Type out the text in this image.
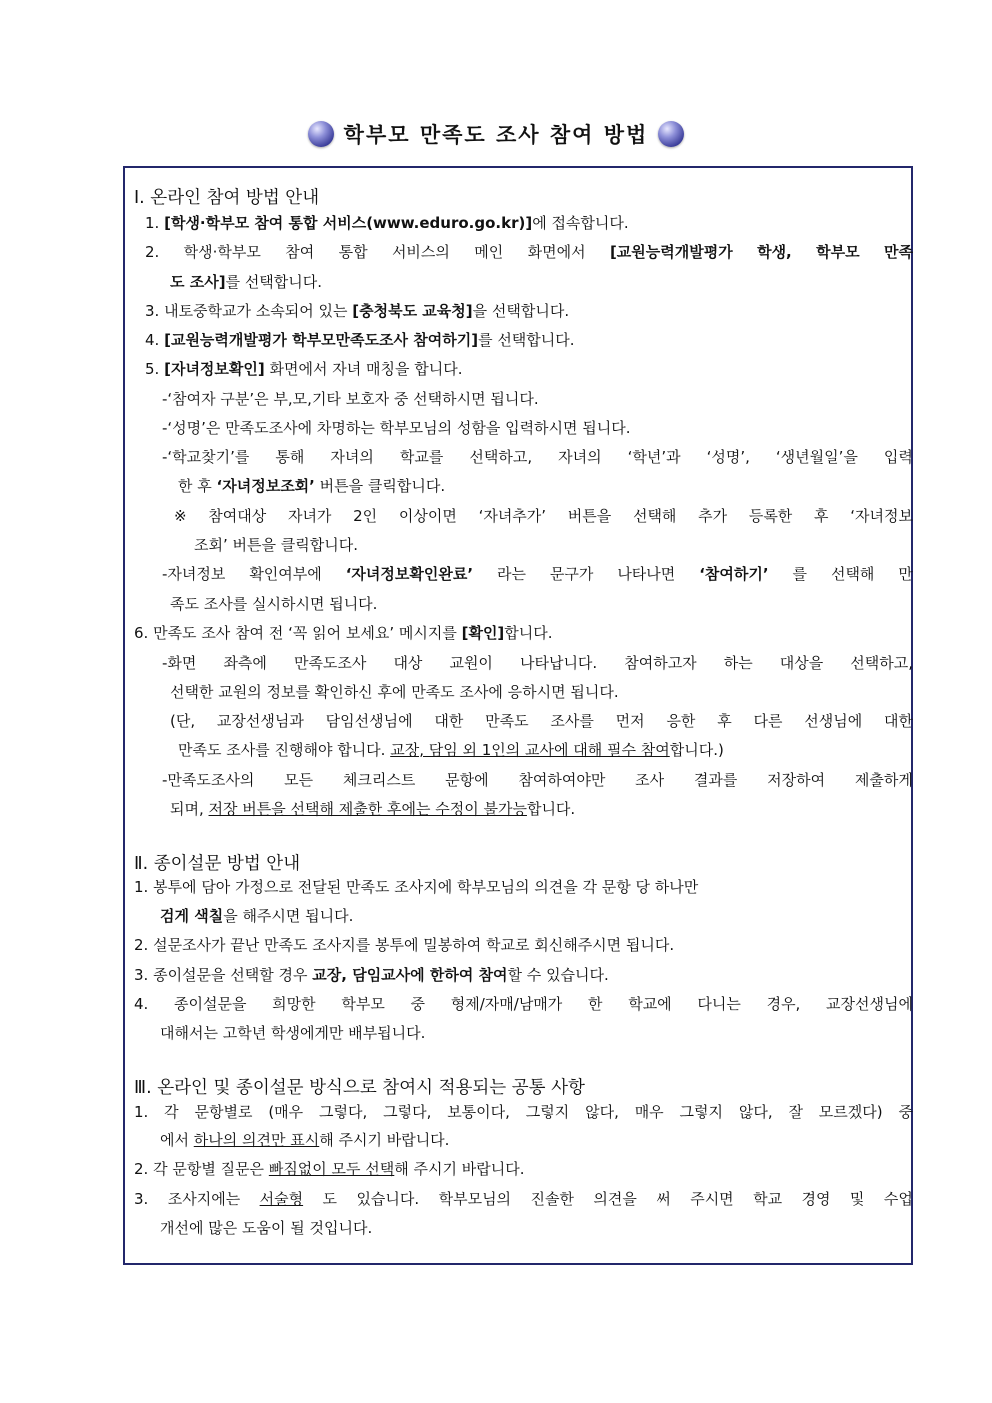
학부모 만족도 조사 참여 방법
Ⅰ. 온라인 참여 방법 안내
1. [학생·학부모 참여 통합 서비스(www.eduro.go.kr)]에 접속합니다.
2. 학생·학부모 참여 통합 서비스의 메인 화면에서 [교원능력개발평가 학생, 학부모 만족
도 조사]를 선택합니다.
3. 내토중학교가 소속되어 있는 [충청북도 교육청]을 선택합니다.
4. [교원능력개발평가 학부모만족도조사 참여하기]를 선택합니다.
5. [자녀정보확인] 화면에서 자녀 매칭을 합니다.
-‘참여자 구분’은 부,모,기타 보호자 중 선택하시면 됩니다.
-‘성명’은 만족도조사에 차명하는 학부모님의 성함을 입력하시면 됩니다.
-‘학교찾기’를 통해 자녀의 학교를 선택하고, 자녀의 ‘학년’과 ‘성명’, ‘생년월일’을 입력
한 후 ‘자녀정보조회’ 버튼을 클릭합니다.
※ 참여대상 자녀가 2인 이상이면 ‘자녀추가’ 버튼을 선택해 추가 등록한 후 ‘자녀정보
조회’ 버튼을 클릭합니다.
-자녀정보 확인여부에 ‘자녀정보확인완료’ 라는 문구가 나타나면 ‘참여하기’ 를 선택해 만
족도 조사를 실시하시면 됩니다.
6. 만족도 조사 참여 전 ‘꼭 읽어 보세요’ 메시지를 [확인]합니다.
-화면 좌측에 만족도조사 대상 교원이 나타납니다. 참여하고자 하는 대상을 선택하고,
선택한 교원의 정보를 확인하신 후에 만족도 조사에 응하시면 됩니다.
(단, 교장선생님과 담임선생님에 대한 만족도 조사를 먼저 응한 후 다른 선생님에 대한
만족도 조사를 진행해야 합니다. 교장, 담임 외 1인의 교사에 대해 필수 참여합니다.)
-만족도조사의 모든 체크리스트 문항에 참여하여야만 조사 결과를 저장하여 제출하게
되며, 저장 버튼을 선택해 제출한 후에는 수정이 불가능합니다.
Ⅱ. 종이설문 방법 안내
1. 봉투에 담아 가정으로 전달된 만족도 조사지에 학부모님의 의견을 각 문항 당 하나만
검게 색칠을 해주시면 됩니다.
2. 설문조사가 끝난 만족도 조사지를 봉투에 밀봉하여 학교로 회신해주시면 됩니다.
3. 종이설문을 선택할 경우 교장, 담임교사에 한하여 참여할 수 있습니다.
4. 종이설문을 희망한 학부모 중 형제/자매/남매가 한 학교에 다니는 경우, 교장선생님에
대해서는 고학년 학생에게만 배부됩니다.
Ⅲ. 온라인 및 종이설문 방식으로 참여시 적용되는 공통 사항
1. 각 문항별로 (매우 그렇다, 그렇다, 보통이다, 그렇지 않다, 매우 그렇지 않다, 잘 모르겠다) 중
에서 하나의 의견만 표시해 주시기 바랍니다.
2. 각 문항별 질문은 빠짐없이 모두 선택해 주시기 바랍니다.
3. 조사지에는 서술형 도 있습니다. 학부모님의 진솔한 의견을 써 주시면 학교 경영 및 수업
개선에 많은 도움이 될 것입니다.
